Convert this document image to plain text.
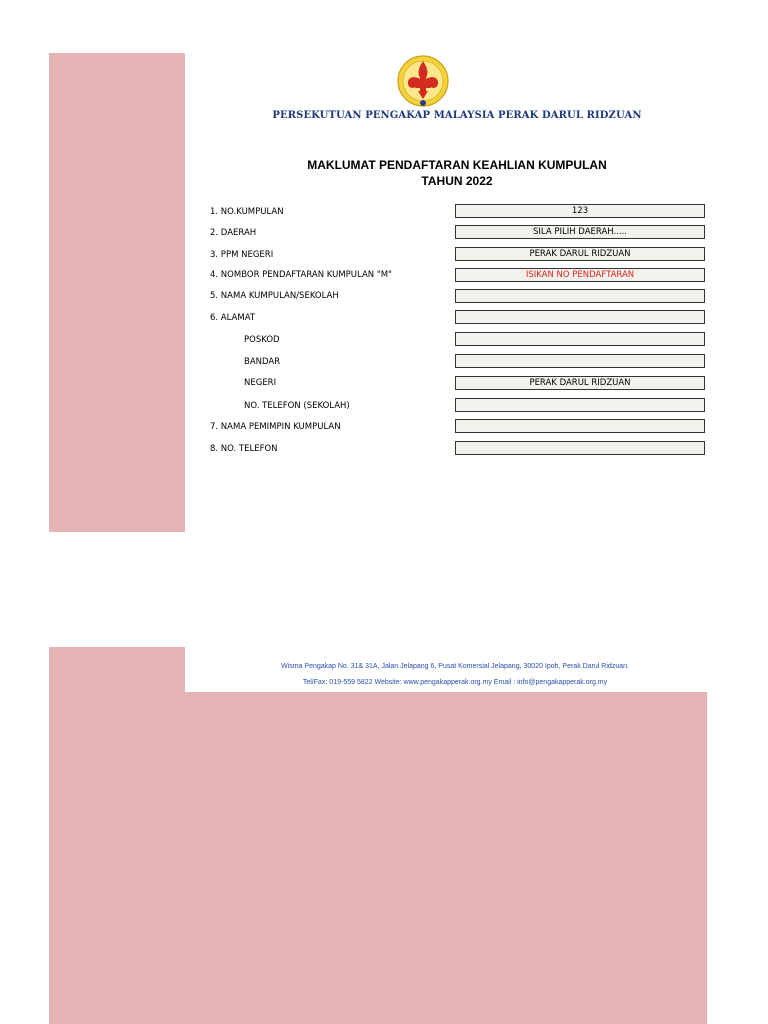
PERSEKUTUAN PENGAKAP MALAYSIA PERAK DARUL RIDZUAN
MAKLUMAT PENDAFTARAN KEAHLIAN KUMPULAN
TAHUN 2022
1. NO.KUMPULAN	123
2. DAERAH	SILA PILIH DAERAH.....
3. PPM NEGERI	PERAK DARUL RIDZUAN
4. NOMBOR PENDAFTARAN KUMPULAN "M"	ISIKAN NO PENDAFTARAN
5. NAMA KUMPULAN/SEKOLAH
6. ALAMAT
POSKOD
BANDAR
NEGERI	PERAK DARUL RIDZUAN
NO. TELEFON (SEKOLAH)
7. NAMA PEMIMPIN KUMPULAN
8. NO. TELEFON
Wisma Pengakap No. 31& 31A, Jalan Jelapang 6, Pusat Komersial Jelapang, 30020 Ipoh, Perak Darul Ridzuan.
Tel/Fax: 019-559 5822 Website: www.pengakapperak.org.my Email : info@pengakapperak.org.my
